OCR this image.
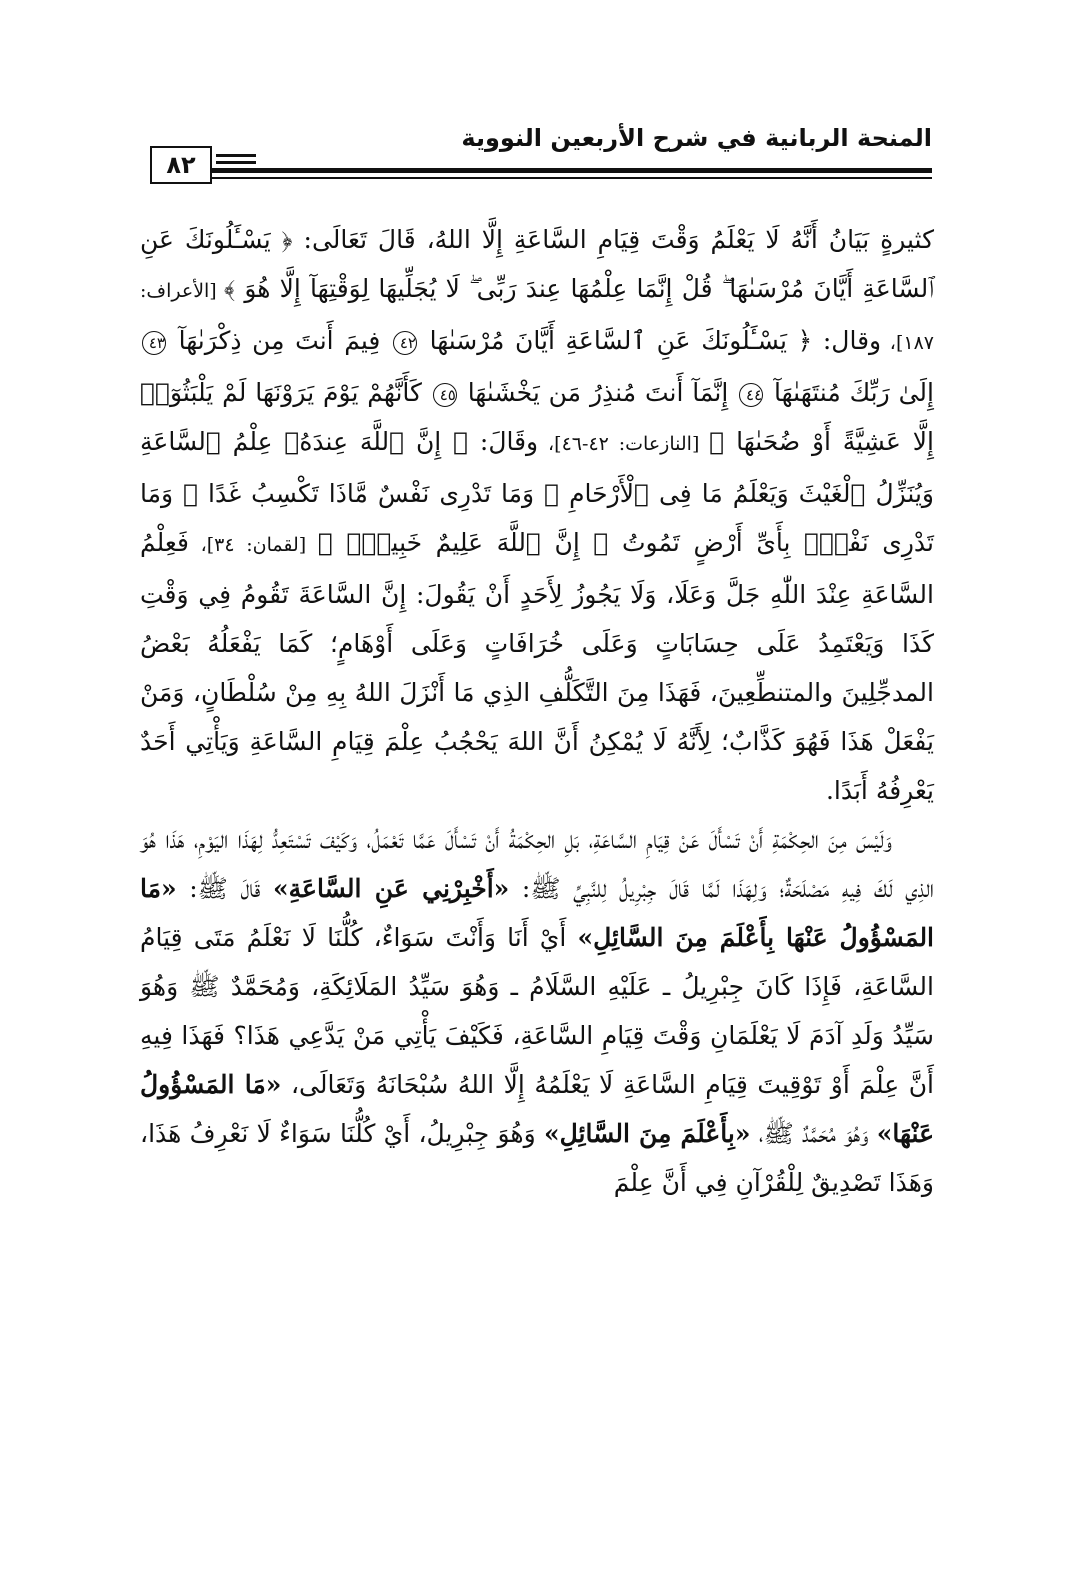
المنحة الربانية في شرح الأربعين النووية
٨٢

كثيرةٍ بَيَانُ أَنَّهُ لَا يَعْلَمُ وَقْتَ قِيَامِ السَّاعَةِ إِلَّا اللهُ، قَالَ تَعَالَى: ﴿ يَسْـَٔلُونَكَ عَنِ ٱلسَّاعَةِ أَيَّانَ مُرْسَىٰهَا ۖ قُلْ إِنَّمَا عِلْمُهَا عِندَ رَبِّى ۖ لَا يُجَلِّيهَا لِوَقْتِهَآ إِلَّا هُوَ ﴾ [الأعراف: ١٨٧]، وقال: ﴿ يَسْـَٔلُونَكَ عَنِ ٱلسَّاعَةِ أَيَّانَ مُرْسَىٰهَا ٤٢ فِيمَ أَنتَ مِن ذِكْرَىٰهَآ ٤٣ إِلَىٰ رَبِّكَ مُنتَهَىٰهَآ ٤٤ إِنَّمَآ أَنتَ مُنذِرُ مَن يَخْشَىٰهَا ٤٥ كَأَنَّهُمْ يَوْمَ يَرَوْنَهَا لَمْ يَلْبَثُوٓا۟ إِلَّا عَشِيَّةً أَوْ ضُحَىٰهَا ﴾ [النازعات: ٤٢-٤٦]، وقَالَ: ﴿ إِنَّ ٱللَّهَ عِندَهُۥ عِلْمُ ٱلسَّاعَةِ وَيُنَزِّلُ ٱلْغَيْثَ وَيَعْلَمُ مَا فِى ٱلْأَرْحَامِ ۖ وَمَا تَدْرِى نَفْسٌ مَّاذَا تَكْسِبُ غَدًا ۖ وَمَا تَدْرِى نَفْسٌۢ بِأَىِّ أَرْضٍ تَمُوتُ ۚ إِنَّ ٱللَّهَ عَلِيمٌ خَبِيرٌۢ ﴾ [لقمان: ٣٤]، فَعِلْمُ السَّاعَةِ عِنْدَ اللّٰهِ جَلَّ وَعَلَا، وَلَا يَجُوزُ لِأَحَدٍ أَنْ يَقُولَ: إِنَّ السَّاعَةَ تَقُومُ فِي وَقْتِ كَذَا وَيَعْتَمِدُ عَلَى حِسَابَاتٍ وَعَلَى خُرَافَاتٍ وَعَلَى أَوْهَامٍ؛ كَمَا يَفْعَلُهُ بَعْضُ المدجِّلِينَ والمتنطِّعِينَ، فَهَذَا مِنَ التَّكَلُّفِ الذِي مَا أَنْزَلَ اللهُ بِهِ مِنْ سُلْطَانٍ، وَمَنْ يَفْعَلْ هَذَا فَهُوَ كَذَّابٌ؛ لِأَنَّهُ لَا يُمْكِنُ أَنَّ اللهَ يَحْجُبُ عِلْمَ قِيَامِ السَّاعَةِ وَيَأْتِي أَحَدٌ يَعْرِفُهُ أَبَدًا.

وَلَيْسَ مِنَ الحِكْمَةِ أَنْ تَسْأَلَ عَنْ قِيَامِ السَّاعَةِ، بَلِ الحِكْمَةُ أَنْ تَسْأَلَ عَمَّا تَعْمَلُ، وَكَيْفَ تَسْتَعِدُّ لِهَذَا اليَوْمِ، هَذَا هُوَ الذِي لَكَ فِيهِ مَصْلَحَةٌ؛ وَلِهَذَا لَمَّا قَالَ جِبْرِيلُ لِلنَّبِيِّ ﷺ: «أَخْبِرْنِي عَنِ السَّاعَةِ» قَالَ ﷺ: «مَا المَسْؤُولُ عَنْهَا بِأَعْلَمَ مِنَ السَّائِلِ» أَيْ أَنَا وَأَنْتَ سَوَاءٌ، كُلُّنَا لَا نَعْلَمُ مَتَى قِيَامُ السَّاعَةِ، فَإِذَا كَانَ جِبْرِيلُ ـ عَلَيْهِ السَّلَامُ ـ وَهُوَ سَيِّدُ المَلَائِكَةِ، وَمُحَمَّدٌ ﷺ وَهُوَ سَيِّدُ وَلَدِ آدَمَ لَا يَعْلَمَانِ وَقْتَ قِيَامِ السَّاعَةِ، فَكَيْفَ يَأْتِي مَنْ يَدَّعِي هَذَا؟ فَهَذَا فِيهِ أَنَّ عِلْمَ أَوْ تَوْقِيتَ قِيَامِ السَّاعَةِ لَا يَعْلَمُهُ إِلَّا اللهُ سُبْحَانَهُ وَتَعَالَى، «مَا المَسْؤُولُ عَنْهَا» وَهُوَ مُحَمَّدٌ ﷺ، «بِأَعْلَمَ مِنَ السَّائِلِ» وَهُوَ جِبْرِيلُ، أَيْ كُلُّنَا سَوَاءٌ لَا نَعْرِفُ هَذَا، وَهَذَا تَصْدِيقٌ لِلْقُرْآنِ فِي أَنَّ عِلْمَ
